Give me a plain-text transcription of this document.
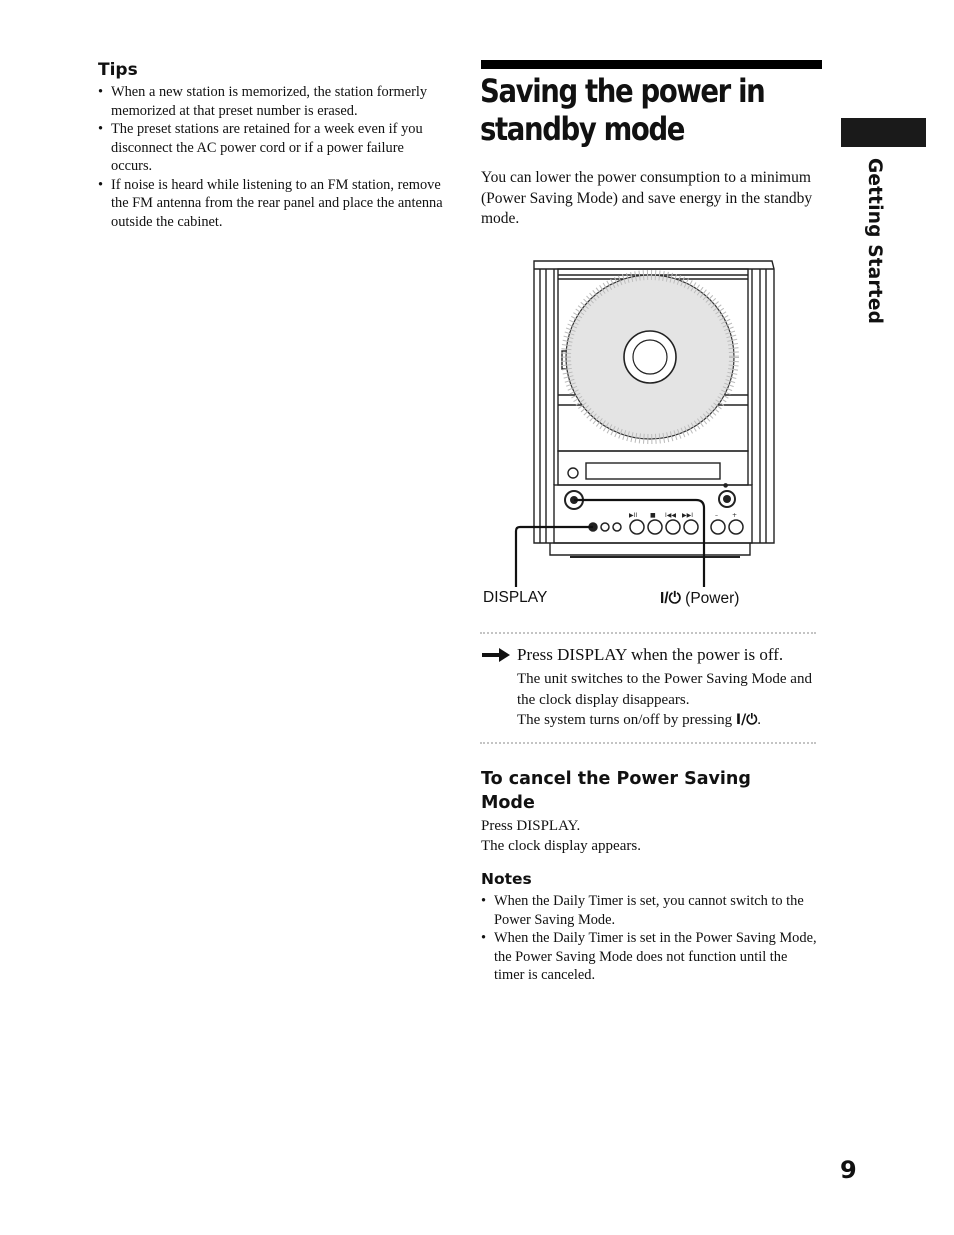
Tips
• When a new station is memorized, the station formerly memorized at that preset number is erased.
• The preset stations are retained for a week even if you disconnect the AC power cord or if a power failure occurs.
• If noise is heard while listening to an FM station, remove the FM antenna from the rear panel and place the antenna outside the cabinet.
Saving the power in standby mode
You can lower the power consumption to a minimum (Power Saving Mode) and save energy in the standby mode.	Getting Started
▶II ■ I◀◀ ▶▶I	– +
●
DISPLAY	I/⏻ (Power)
Press DISPLAY when the power is off.
The unit switches to the Power Saving Mode and the clock display disappears.
The system turns on/off by pressing I/⏻.
To cancel the Power Saving Mode
Press DISPLAY.
The clock display appears.
Notes
• When the Daily Timer is set, you cannot switch to the Power Saving Mode.
• When the Daily Timer is set in the Power Saving Mode, the Power Saving Mode does not function until the timer is canceled.
9
